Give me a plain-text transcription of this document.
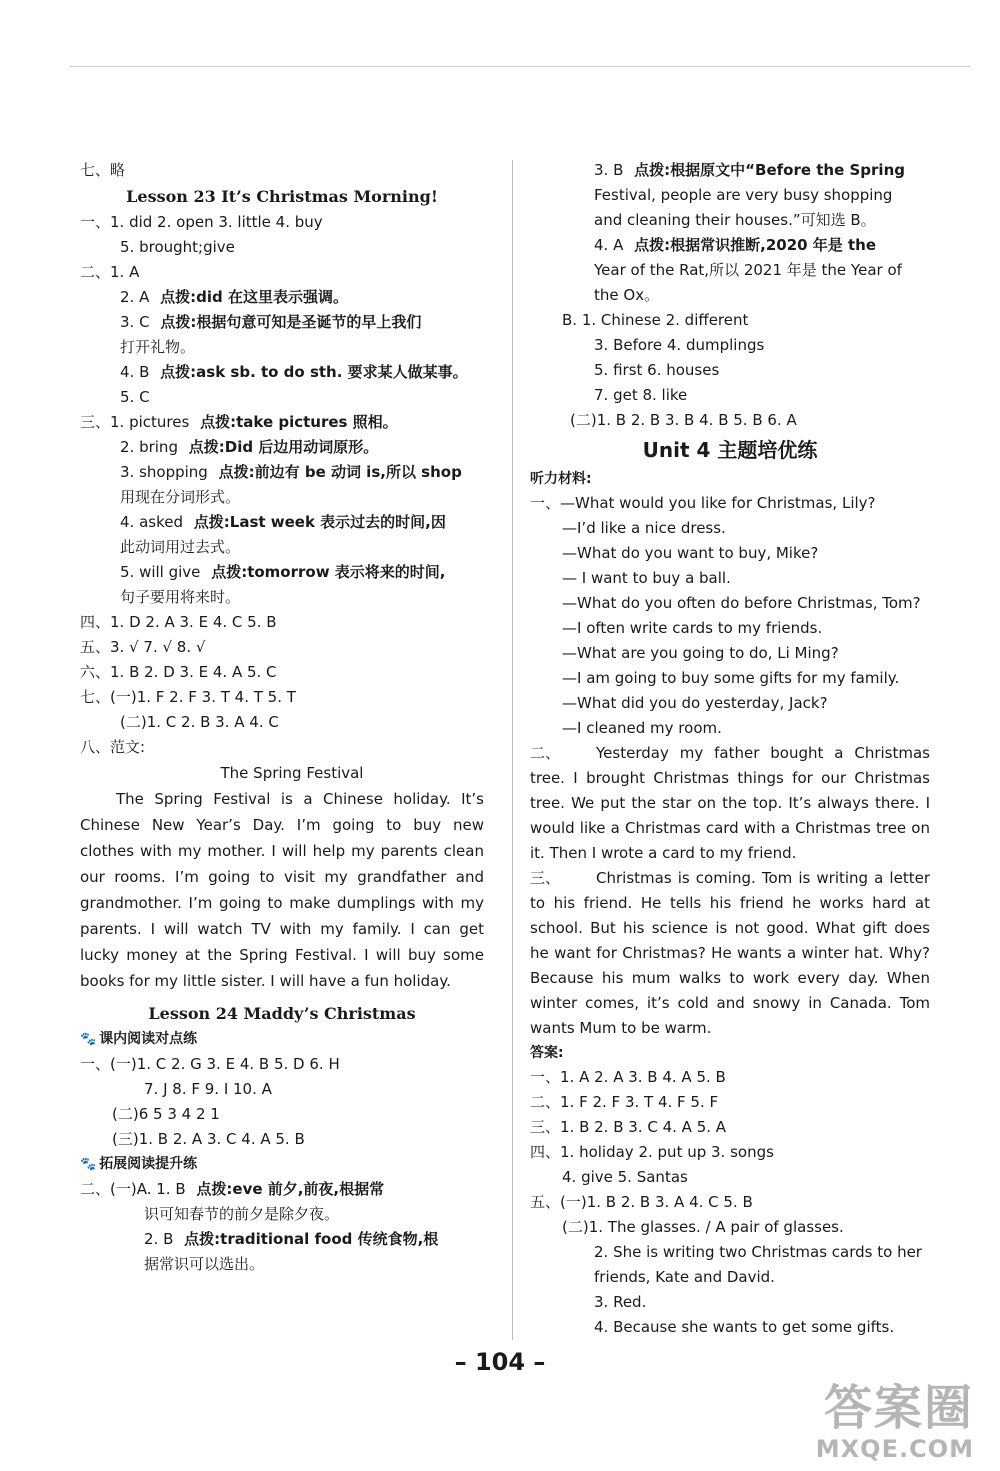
七、略
Lesson 23 It’s Christmas Morning!
一、1. did 2. open 3. little 4. buy
5. brought;give
二、1. A
2. A 点拨:did 在这里表示强调。
3. C 点拨:根据句意可知是圣诞节的早上我们
打开礼物。
4. B 点拨:ask sb. to do sth. 要求某人做某事。
5. C
三、1. pictures 点拨:take pictures 照相。
2. bring 点拨:Did 后边用动词原形。
3. shopping 点拨:前边有 be 动词 is,所以 shop
用现在分词形式。
4. asked 点拨:Last week 表示过去的时间,因
此动词用过去式。
5. will give 点拨:tomorrow 表示将来的时间,
句子要用将来时。
四、1. D 2. A 3. E 4. C 5. B
五、3. √ 7. √ 8. √
六、1. B 2. D 3. E 4. A 5. C
七、(一)1. F 2. F 3. T 4. T 5. T
(二)1. C 2. B 3. A 4. C
八、范文:
The Spring Festival
The Spring Festival is a Chinese holiday. It’s Chinese New Year’s Day. I’m going to buy new clothes with my mother. I will help my parents clean our rooms. I’m going to visit my grandfather and grandmother. I’m going to make dumplings with my parents. I will watch TV with my family. I can get lucky money at the Spring Festival. I will buy some books for my little sister. I will have a fun holiday.
Lesson 24 Maddy’s Christmas
🐾 课内阅读对点练
一、(一)1. C 2. G 3. E 4. B 5. D 6. H
7. J 8. F 9. I 10. A
(二)6 5 3 4 2 1
(三)1. B 2. A 3. C 4. A 5. B
🐾 拓展阅读提升练
二、(一)A. 1. B 点拨:eve 前夕,前夜,根据常
识可知春节的前夕是除夕夜。
2. B 点拨:traditional food 传统食物,根
据常识可以选出。
3. B 点拨:根据原文中“Before the Spring
Festival, people are very busy shopping
and cleaning their houses.”可知选 B。
4. A 点拨:根据常识推断,2020 年是 the
Year of the Rat,所以 2021 年是 the Year of
the Ox。
B. 1. Chinese 2. different
3. Before 4. dumplings
5. first 6. houses
7. get 8. like
(二)1. B 2. B 3. B 4. B 5. B 6. A
Unit 4 主题培优练
听力材料:
一、—What would you like for Christmas, Lily?
—I’d like a nice dress.
—What do you want to buy, Mike?
— I want to buy a ball.
—What do you often do before Christmas, Tom?
—I often write cards to my friends.
—What are you going to do, Li Ming?
—I am going to buy some gifts for my family.
—What did you do yesterday, Jack?
—I cleaned my room.
二、	Yesterday my father bought a Christmas tree. I brought Christmas things for our Christmas tree. We put the star on the top. It’s always there. I would like a Christmas card with a Christmas tree on it. Then I wrote a card to my friend.
三、	Christmas is coming. Tom is writing a letter to his friend. He tells his friend he works hard at school. But his science is not good. What gift does he want for Christmas? He wants a winter hat. Why? Because his mum walks to work every day. When winter comes, it’s cold and snowy in Canada. Tom wants Mum to be warm.
答案:
一、1. A 2. A 3. B 4. A 5. B
二、1. F 2. F 3. T 4. F 5. F
三、1. B 2. B 3. C 4. A 5. A
四、1. holiday 2. put up 3. songs
4. give 5. Santas
五、(一)1. B 2. B 3. A 4. C 5. B
(二)1. The glasses. / A pair of glasses.
2. She is writing two Christmas cards to her
friends, Kate and David.
3. Red.
4. Because she wants to get some gifts.
– 104 –
答案圈
MXQE.COM
